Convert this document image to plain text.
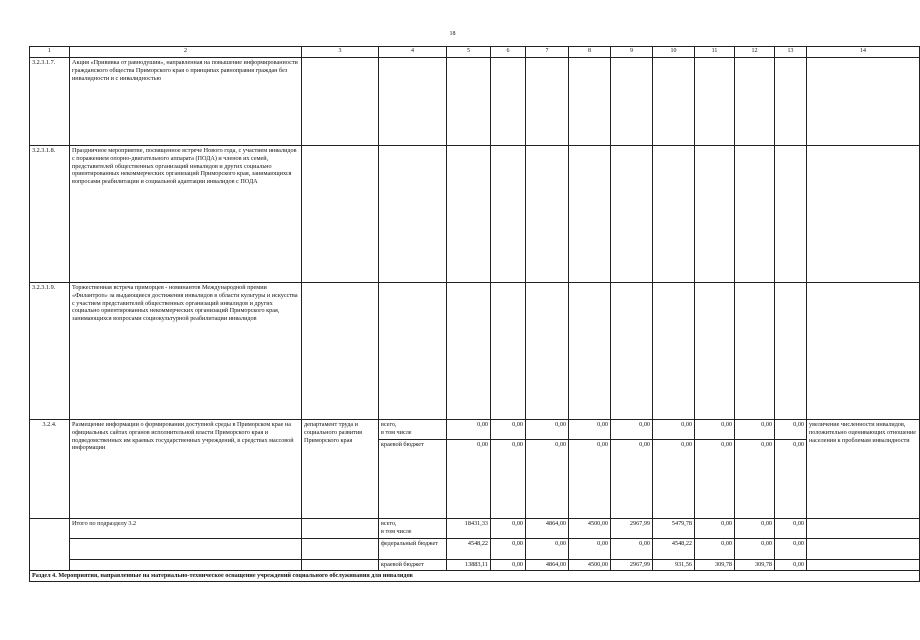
18
1	2	3	4	5	6	7	8	9	10	11	12	13	14
3.2.3.1.7.	Акция «Прививка от равнодушия», направленная на повышение информированности гражданского общества Приморского края о принципах равноправия граждан без инвалидности и с инвалидностью												
3.2.3.1.8.	Праздничное мероприятие, посвященное встрече Нового года, с участием инвалидов с поражением опорно-двигательного аппарата (ПОДА) и членов их семей, представителей общественных организаций инвалидов и других социально ориентированных некоммерческих организаций Приморского края, занимающихся вопросами реабилитации и социальной адаптации инвалидов с ПОДА												
3.2.3.1.9.	Торжественная встреча приморцев - номинантов Международной премии «Филантроп» за выдающиеся достижения инвалидов в области культуры и искусства с участием представителей общественных организаций инвалидов и других социально ориентированных некоммерческих организаций Приморского края, занимающихся вопросами социокультурной реабилитации инвалидов												
3.2.4.	Размещение информации о формировании доступной среды в Приморском крае на официальных сайтах органов исполнительной власти Приморского края и подведомственных им краевых государственных учреждений, в средствах массовой информации	департамент труда и социального развития Приморского края	всего,
в том числе	0,00	0,00	0,00	0,00	0,00	0,00	0,00	0,00	0,00	увеличение численности инвалидов, положительно оценивающих отношение населения к проблемам инвалидности
			краевой бюджет	0,00	0,00	0,00	0,00	0,00	0,00	0,00	0,00	0,00	
	Итого по подразделу 3.2		всего,
в том числе	18431,33	0,00	4864,00	4500,00	2967,99	5479,78	0,00	0,00	0,00	
			федеральный бюджет	4548,22	0,00	0,00	0,00	0,00	4548,22	0,00	0,00	0,00	
			краевой бюджет	13883,11	0,00	4864,00	4500,00	2967,99	931,56	309,78	309,78	0,00	
Раздел 4. Мероприятия, направленные на материально-техническое оснащение учреждений социального обслуживания для инвалидов													
